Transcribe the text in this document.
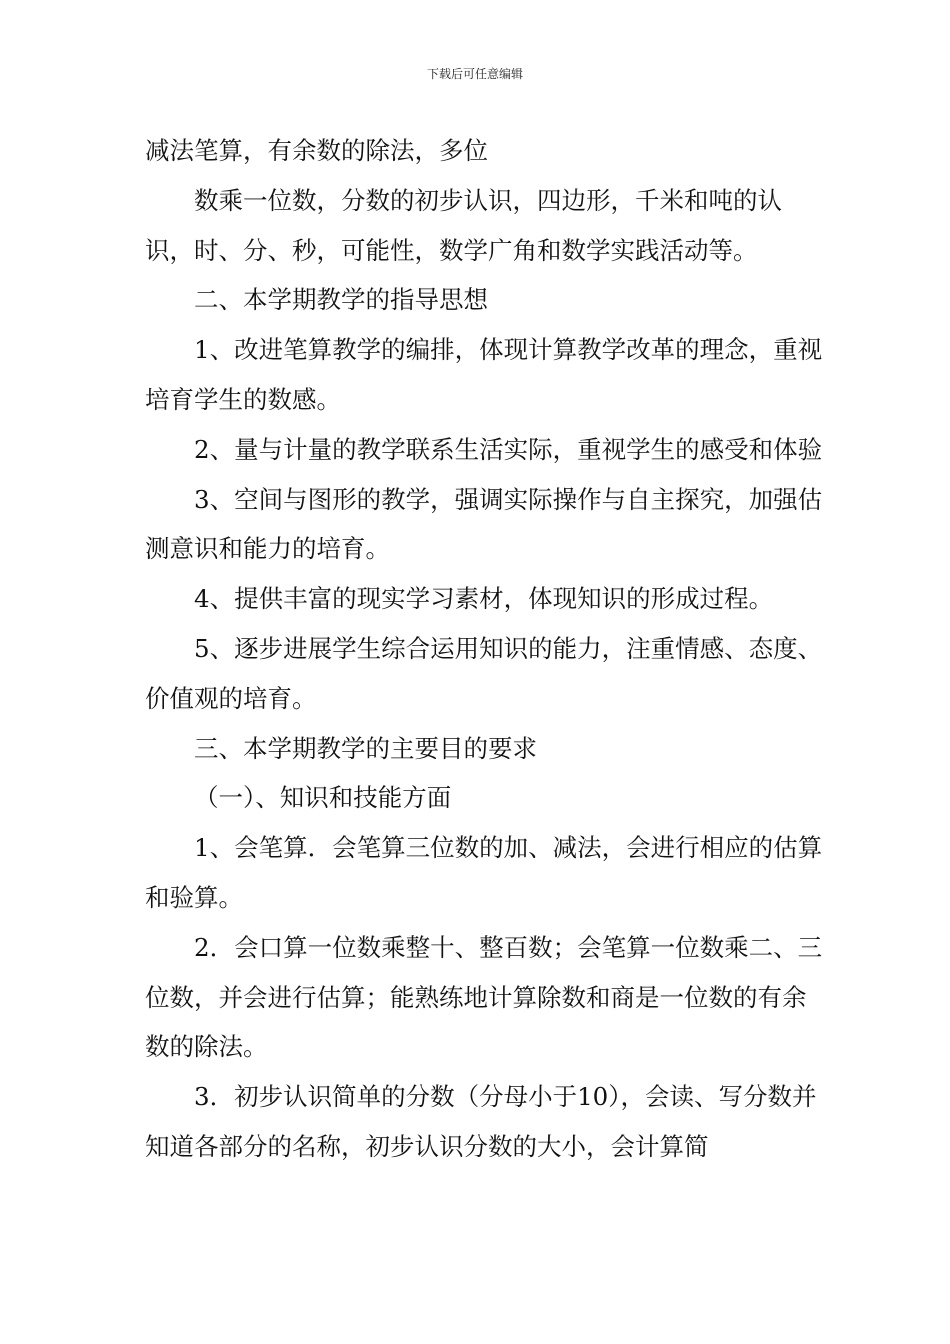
下载后可任意编辑

减法笔算，有余数的除法，多位

数乘一位数，分数的初步认识，四边形，千米和吨的认识，时、分、秒，可能性，数学广角和数学实践活动等。

二、本学期教学的指导思想

1、改进笔算教学的编排，体现计算教学改革的理念，重视培育学生的数感。

2、量与计量的教学联系生活实际，重视学生的感受和体验

3、空间与图形的教学，强调实际操作与自主探究，加强估测意识和能力的培育。

4、提供丰富的现实学习素材，体现知识的形成过程。

5、逐步进展学生综合运用知识的能力，注重情感、态度、价值观的培育。

三、本学期教学的主要目的要求

（一）、知识和技能方面

1、会笔算．会笔算三位数的加、减法，会进行相应的估算和验算。

2．会口算一位数乘整十、整百数；会笔算一位数乘二、三位数，并会进行估算；能熟练地计算除数和商是一位数的有余数的除法。

3．初步认识简单的分数（分母小于10），会读、写分数并知道各部分的名称，初步认识分数的大小，会计算简
